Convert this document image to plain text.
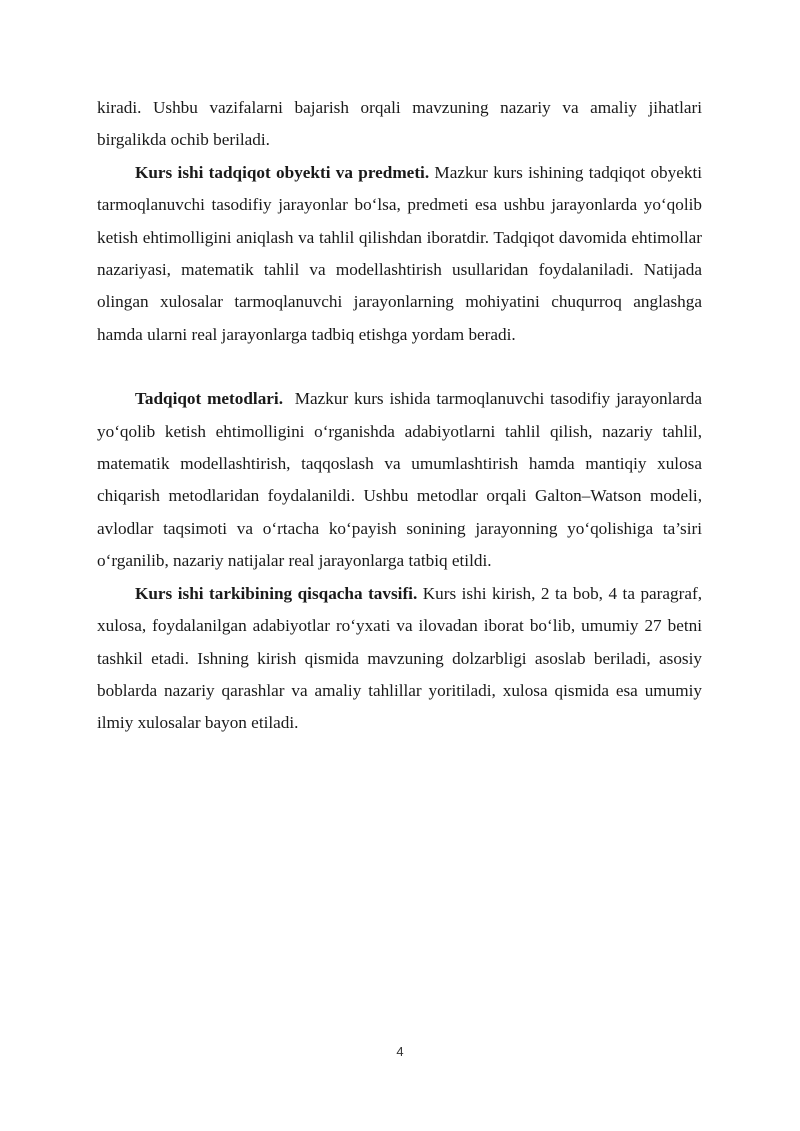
kiradi. Ushbu vazifalarni bajarish orqali mavzuning nazariy va amaliy jihatlari birgalikda ochib beriladi.

Kurs ishi tadqiqot obyekti va predmeti. Mazkur kurs ishining tadqiqot obyekti tarmoqlanuvchi tasodifiy jarayonlar bo‘lsa, predmeti esa ushbu jarayonlarda yo‘qolib ketish ehtimolligini aniqlash va tahlil qilishdan iboratdir. Tadqiqot davomida ehtimollar nazariyasi, matematik tahlil va modellashtirish usullaridan foydalaniladi. Natijada olingan xulosalar tarmoqlanuvchi jarayonlarning mohiyatini chuqurroq anglashga hamda ularni real jarayonlarga tadbiq etishga yordam beradi.

Tadqiqot metodlari.  Mazkur kurs ishida tarmoqlanuvchi tasodifiy jarayonlarda yo‘qolib ketish ehtimolligini o‘rganishda adabiyotlarni tahlil qilish, nazariy tahlil, matematik modellashtirish, taqqoslash va umumlashtirish hamda mantiqiy xulosa chiqarish metodlaridan foydalanildi. Ushbu metodlar orqali Galton–Watson modeli, avlodlar taqsimoti va o‘rtacha ko‘payish sonining jarayonning yo‘qolishiga ta’siri o‘rganilib, nazariy natijalar real jarayonlarga tatbiq etildi.

Kurs ishi tarkibining qisqacha tavsifi. Kurs ishi kirish, 2 ta bob, 4 ta paragraf, xulosa, foydalanilgan adabiyotlar ro‘yxati va ilovadan iborat bo‘lib, umumiy 27 betni tashkil etadi. Ishning kirish qismida mavzuning dolzarbligi asoslab beriladi, asosiy boblarda nazariy qarashlar va amaliy tahlillar yoritiladi, xulosa qismida esa umumiy ilmiy xulosalar bayon etiladi.

4
